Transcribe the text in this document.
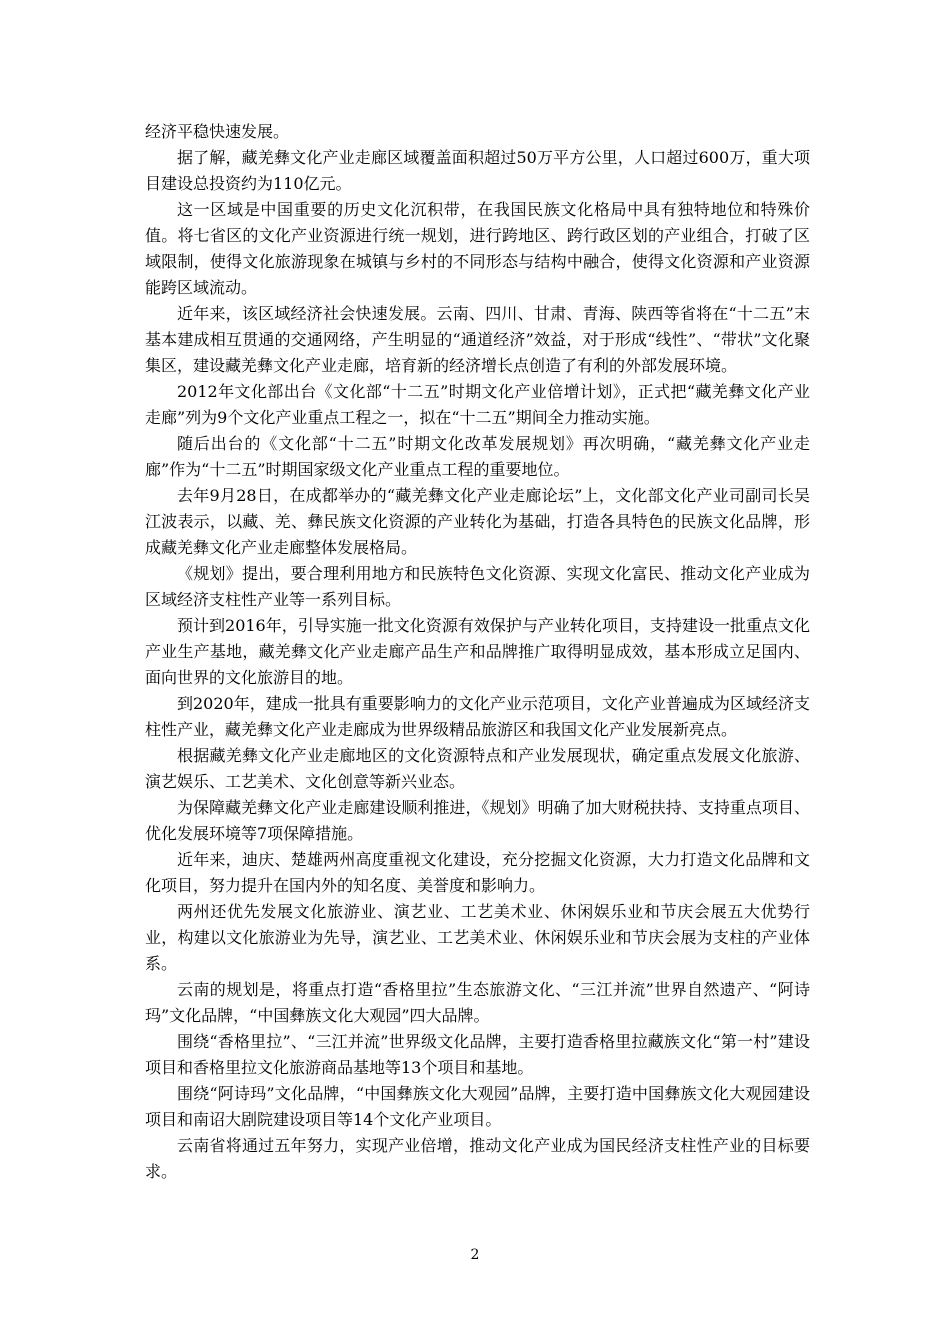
经济平稳快速发展。

据了解，藏羌彝文化产业走廊区域覆盖面积超过50万平方公里，人口超过600万，重大项目建设总投资约为110亿元。

这一区域是中国重要的历史文化沉积带，在我国民族文化格局中具有独特地位和特殊价值。将七省区的文化产业资源进行统一规划，进行跨地区、跨行政区划的产业组合，打破了区域限制，使得文化旅游现象在城镇与乡村的不同形态与结构中融合，使得文化资源和产业资源能跨区域流动。

近年来，该区域经济社会快速发展。云南、四川、甘肃、青海、陕西等省将在“十二五”末基本建成相互贯通的交通网络，产生明显的“通道经济”效益，对于形成“线性”、“带状”文化聚集区，建设藏羌彝文化产业走廊，培育新的经济增长点创造了有利的外部发展环境。

2012年文化部出台《文化部“十二五”时期文化产业倍增计划》，正式把“藏羌彝文化产业走廊”列为9个文化产业重点工程之一，拟在“十二五”期间全力推动实施。

随后出台的《文化部“十二五”时期文化改革发展规划》再次明确，“藏羌彝文化产业走廊”作为“十二五”时期国家级文化产业重点工程的重要地位。

去年9月28日，在成都举办的“藏羌彝文化产业走廊论坛”上，文化部文化产业司副司长吴江波表示，以藏、羌、彝民族文化资源的产业转化为基础，打造各具特色的民族文化品牌，形成藏羌彝文化产业走廊整体发展格局。

《规划》提出，要合理利用地方和民族特色文化资源、实现文化富民、推动文化产业成为区域经济支柱性产业等一系列目标。

预计到2016年，引导实施一批文化资源有效保护与产业转化项目，支持建设一批重点文化产业生产基地，藏羌彝文化产业走廊产品生产和品牌推广取得明显成效，基本形成立足国内、面向世界的文化旅游目的地。

到2020年，建成一批具有重要影响力的文化产业示范项目，文化产业普遍成为区域经济支柱性产业，藏羌彝文化产业走廊成为世界级精品旅游区和我国文化产业发展新亮点。

根据藏羌彝文化产业走廊地区的文化资源特点和产业发展现状，确定重点发展文化旅游、演艺娱乐、工艺美术、文化创意等新兴业态。

为保障藏羌彝文化产业走廊建设顺利推进，《规划》明确了加大财税扶持、支持重点项目、优化发展环境等7项保障措施。

近年来，迪庆、楚雄两州高度重视文化建设，充分挖掘文化资源，大力打造文化品牌和文化项目，努力提升在国内外的知名度、美誉度和影响力。

两州还优先发展文化旅游业、演艺业、工艺美术业、休闲娱乐业和节庆会展五大优势行业，构建以文化旅游业为先导，演艺业、工艺美术业、休闲娱乐业和节庆会展为支柱的产业体系。

云南的规划是，将重点打造“香格里拉”生态旅游文化、“三江并流”世界自然遗产、“阿诗玛”文化品牌，“中国彝族文化大观园”四大品牌。

围绕“香格里拉”、“三江并流”世界级文化品牌，主要打造香格里拉藏族文化“第一村”建设项目和香格里拉文化旅游商品基地等13个项目和基地。

围绕“阿诗玛”文化品牌，“中国彝族文化大观园”品牌，主要打造中国彝族文化大观园建设项目和南诏大剧院建设项目等14个文化产业项目。

云南省将通过五年努力，实现产业倍增，推动文化产业成为国民经济支柱性产业的目标要求。

2
